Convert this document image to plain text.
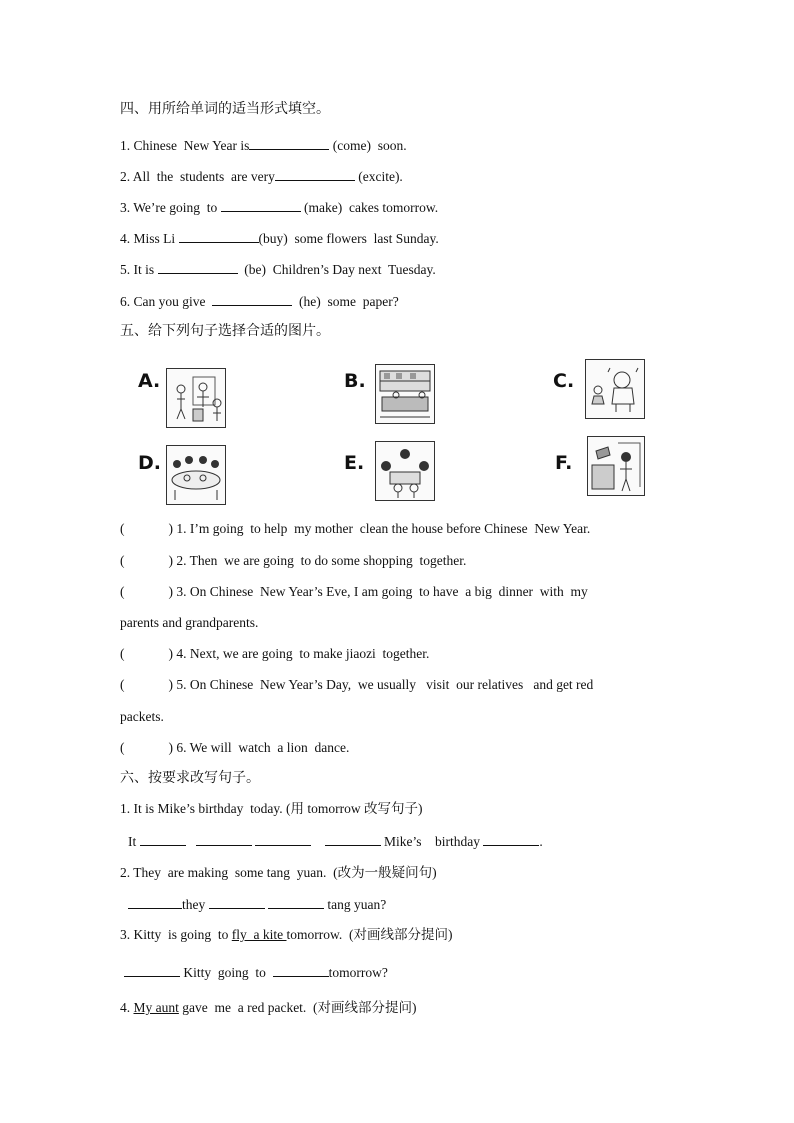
四、用所给单词的适当形式填空。
1. Chinese  New Year is	(come)  soon.
2. All  the  students  are very	(excite).
3. We’re going  to	(make)  cakes tomorrow.
4. Miss Li	(buy)  some flowers  last Sunday.
5. It is	(be)  Children’s Day next  Tuesday.
6. Can you give	(he)  some  paper?
五、给下列句子选择合适的图片。
A.	B.	C.
D.	E.	F.
(	) 1. I’m going  to help  my mother  clean the house before Chinese  New Year.
(	) 2. Then  we are going  to do some shopping  together.
(	) 3. On Chinese  New Year’s Eve, I am going  to have  a big  dinner  with  my
parents and grandparents.
(	) 4. Next, we are going  to make jiaozi  together.
(	) 5. On Chinese  New Year’s Day,  we usually   visit  our relatives   and get red
packets.
(	) 6. We will  watch  a lion  dance.
六、按要求改写句子。
1. It is Mike’s birthday  today. (用 tomorrow 改写句子)
It	Mike’s birthday	.
2. They  are making  some tang  yuan.  (改为一般疑问句)
they	tang yuan?
3. Kitty  is going  to fly  a kite tomorrow.  (对画线部分提问)
Kitty  going  to	tomorrow?
4. My aunt gave  me  a red packet.  (对画线部分提问)
